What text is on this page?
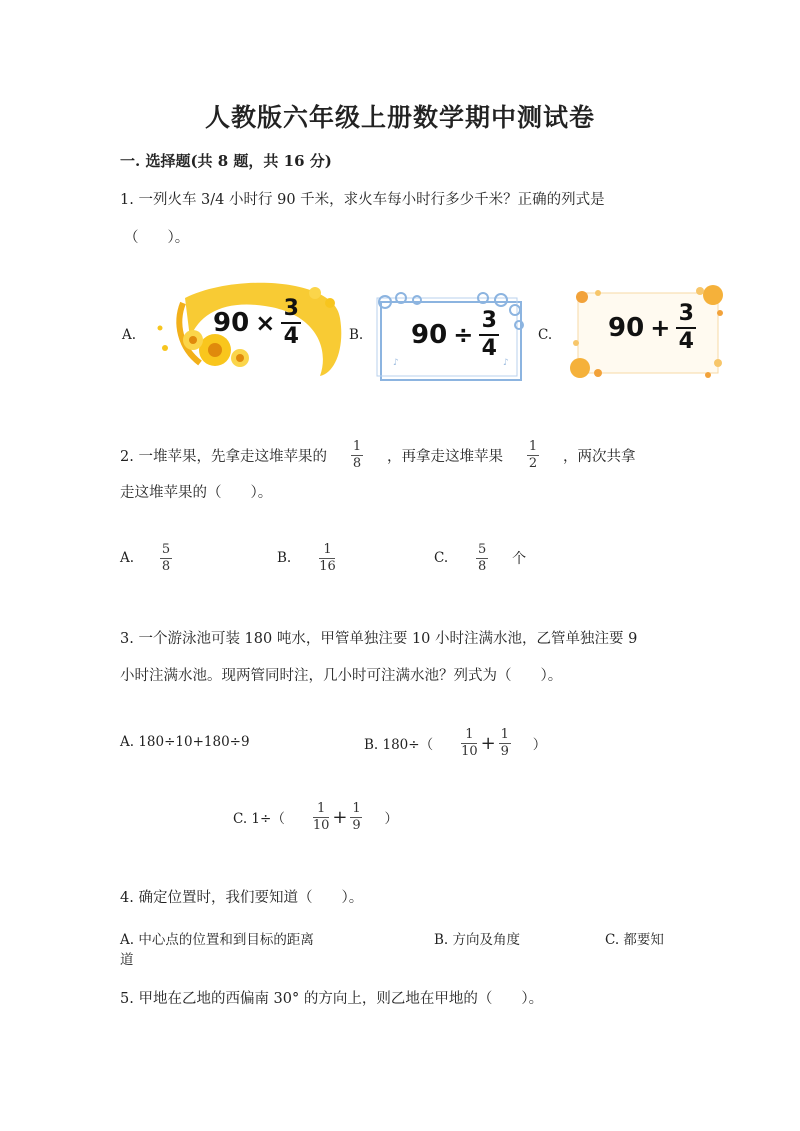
人教版六年级上册数学期中测试卷
一. 选择题(共 8 题，共 16 分)
1. 一列火车 3/4 小时行 90 千米，求火车每小时行多少千米？正确的列式是
（　　）。
A.	90 ×
3
4	B.
♪	♪
90 ÷
3
4
C. 90 +
3
4
2. 一堆苹果，先拿走这堆苹果的 $\frac{1}{8}$ ，再拿走这堆苹果 $\frac{1}{2}$ ，两次共拿
走这堆苹果的（　　）。
A. $\frac{5}{8}$	B. $\frac{1}{16}$	C. $\frac{5}{8}$ 个
3. 一个游泳池可装 180 吨水，甲管单独注要 10 小时注满水池，乙管单独注要 9
小时注满水池。现两管同时注，几小时可注满水池？列式为（　　）。
A. 180÷10+180÷9	B. $180\div( \frac{1}{10} + \frac{1}{9}$ ）
C. $1\div( \frac{1}{10} + \frac{1}{9}$ ）
4. 确定位置时，我们要知道（　　）。
A. 中心点的位置和到目标的距离	B. 方向及角度	C. 都要知
道
5. 甲地在乙地的西偏南 30° 的方向上，则乙地在甲地的（　　）。
